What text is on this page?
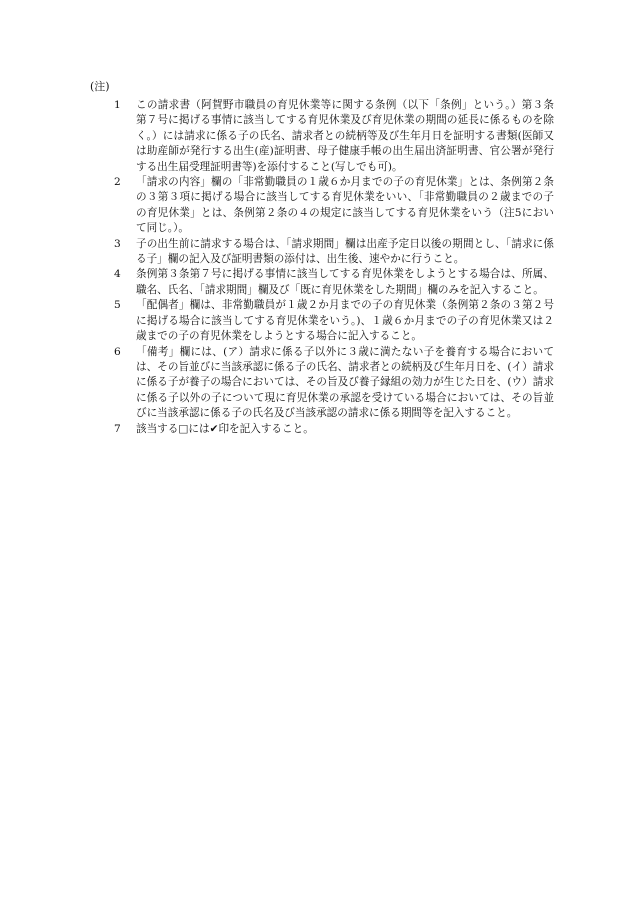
(注)
1	この請求書（阿賀野市職員の育児休業等に関する条例（以下「条例」という。）第３条第７号に掲げる事情に該当してする育児休業及び育児休業の期間の延長に係るものを除く。）には請求に係る子の氏名、請求者との続柄等及び生年月日を証明する書類(医師又は助産師が発行する出生(産)証明書、母子健康手帳の出生届出済証明書、官公署が発行する出生届受理証明書等)を添付すること(写しでも可)。
2	「請求の内容」欄の「非常勤職員の１歳６か月までの子の育児休業」とは、条例第２条の３第３項に掲げる場合に該当してする育児休業をいい、「非常勤職員の２歳までの子の育児休業」とは、条例第２条の４の規定に該当してする育児休業をいう（注5において同じ。）。
3	子の出生前に請求する場合は、「請求期間」欄は出産予定日以後の期間とし、「請求に係る子」欄の記入及び証明書類の添付は、出生後、速やかに行うこと。
4	条例第３条第７号に掲げる事情に該当してする育児休業をしようとする場合は、所属、職名、氏名、「請求期間」欄及び「既に育児休業をした期間」欄のみを記入すること。
5	「配偶者」欄は、非常勤職員が１歳２か月までの子の育児休業（条例第２条の３第２号に掲げる場合に該当してする育児休業をいう。)、１歳６か月までの子の育児休業又は２歳までの子の育児休業をしようとする場合に記入すること。
6	「備考」欄には、(ア）請求に係る子以外に３歳に満たない子を養育する場合においては、その旨並びに当該承認に係る子の氏名、請求者との続柄及び生年月日を、(イ）請求に係る子が養子の場合においては、その旨及び養子縁組の効力が生じた日を、(ウ）請求に係る子以外の子について現に育児休業の承認を受けている場合においては、その旨並びに当該承認に係る子の氏名及び当該承認の請求に係る期間等を記入すること。
7	該当する□には✔印を記入すること。
